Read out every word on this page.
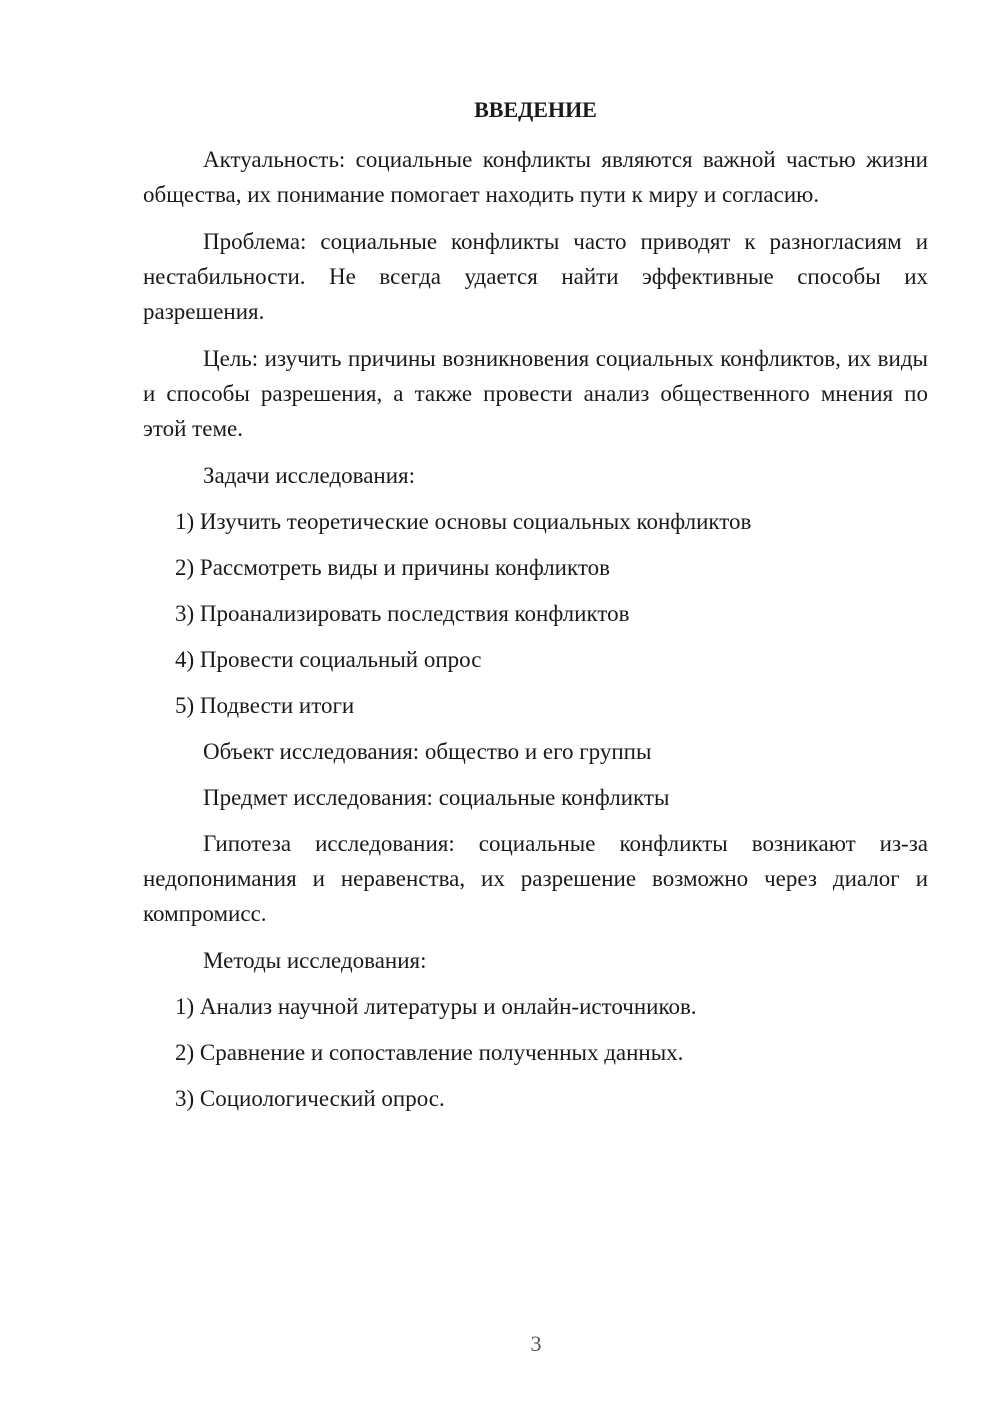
ВВЕДЕНИЕ

Актуальность: социальные конфликты являются важной частью жизни общества, их понимание помогает находить пути к миру и согласию.

Проблема: социальные конфликты часто приводят к разногласиям и нестабильности. Не всегда удается найти эффективные способы их разрешения.

Цель: изучить причины возникновения социальных конфликтов, их виды и способы разрешения, а также провести анализ общественного мнения по этой теме.

Задачи исследования:
1) Изучить теоретические основы социальных конфликтов
2) Рассмотреть виды и причины конфликтов
3) Проанализировать последствия конфликтов
4) Провести социальный опрос
5) Подвести итоги
Объект исследования: общество и его группы
Предмет исследования: социальные конфликты

Гипотеза исследования: социальные конфликты возникают из-за недопонимания и неравенства, их разрешение возможно через диалог и компромисс.

Методы исследования:
1) Анализ научной литературы и онлайн-источников.
2) Сравнение и сопоставление полученных данных.
3) Социологический опрос.
3
